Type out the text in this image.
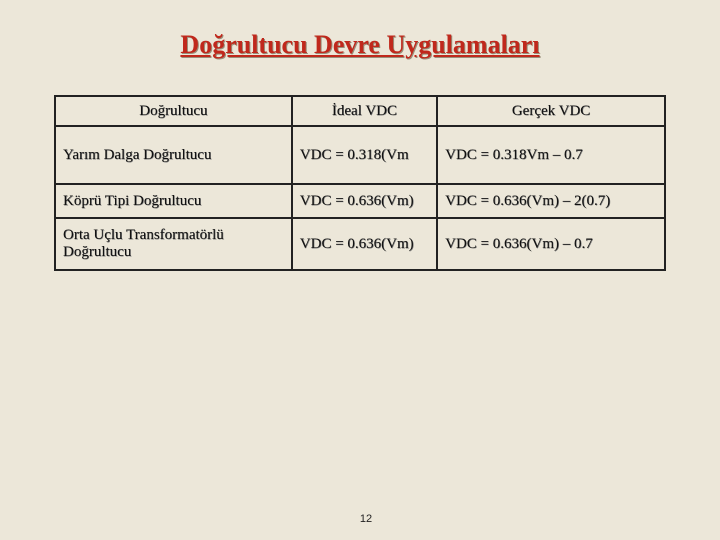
Doğrultucu Devre Uygulamaları
Doğrultucu	İdeal VDC	Gerçek VDC
Yarım Dalga Doğrultucu	VDC = 0.318(Vm	VDC = 0.318Vm – 0.7
Köprü Tipi Doğrultucu	VDC = 0.636(Vm)	VDC = 0.636(Vm) – 2(0.7)
Orta Uçlu Transformatörlü Doğrultucu	VDC = 0.636(Vm)	VDC = 0.636(Vm) – 0.7
12
